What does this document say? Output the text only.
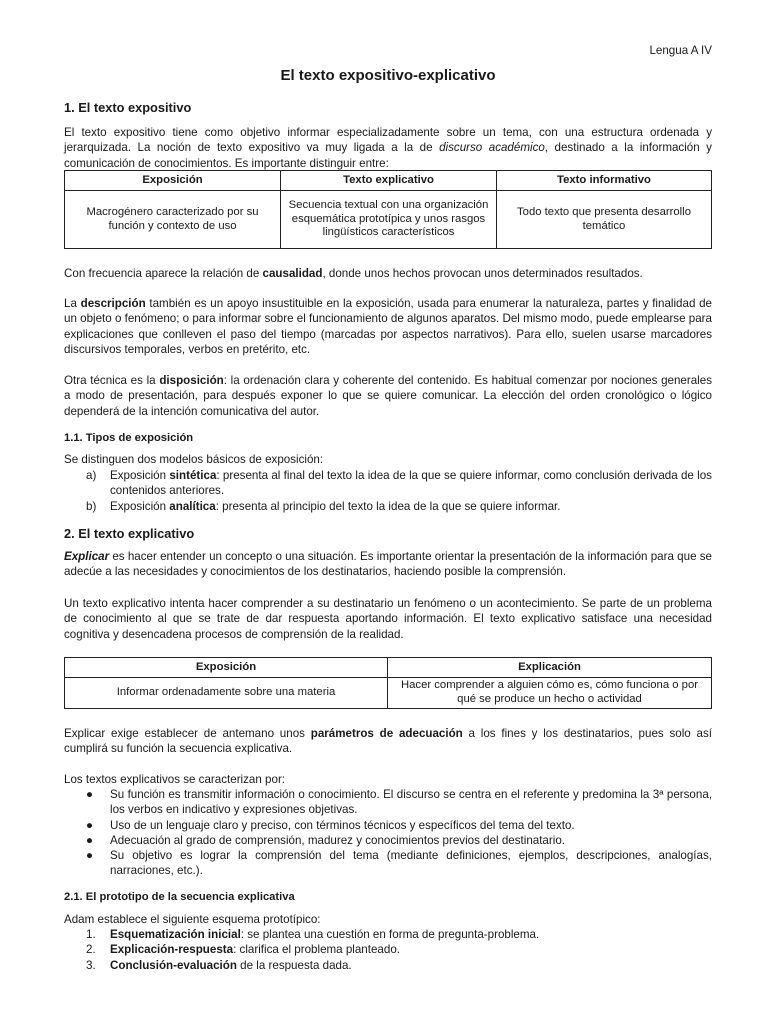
Lengua A IV
El texto expositivo-explicativo
1. El texto expositivo

El texto expositivo tiene como objetivo informar especializadamente sobre un tema, con una estructura ordenada y jerarquizada. La noción de texto expositivo va muy ligada a la de discurso académico, destinado a la información y comunicación de conocimientos. Es importante distinguir entre:

Exposición	Texto explicativo	Texto informativo
Macrogénero caracterizado por su función y contexto de uso	Secuencia textual con una organización esquemática prototípica y unos rasgos lingüísticos característicos	Todo texto que presenta desarrollo temático

Con frecuencia aparece la relación de causalidad, donde unos hechos provocan unos determinados resultados.

La descripción también es un apoyo insustituible en la exposición, usada para enumerar la naturaleza, partes y finalidad de un objeto o fenómeno; o para informar sobre el funcionamiento de algunos aparatos. Del mismo modo, puede emplearse para explicaciones que conlleven el paso del tiempo (marcadas por aspectos narrativos). Para ello, suelen usarse marcadores discursivos temporales, verbos en pretérito, etc.

Otra técnica es la disposición: la ordenación clara y coherente del contenido. Es habitual comenzar por nociones generales a modo de presentación, para después exponer lo que se quiere comunicar. La elección del orden cronológico o lógico dependerá de la intención comunicativa del autor.

1.1. Tipos de exposición

Se distinguen dos modelos básicos de exposición:

a) Exposición sintética: presenta al final del texto la idea de la que se quiere informar, como conclusión derivada de los contenidos anteriores.
b) Exposición analítica: presenta al principio del texto la idea de la que se quiere informar.
2. El texto explicativo

Explicar es hacer entender un concepto o una situación. Es importante orientar la presentación de la información para que se adecúe a las necesidades y conocimientos de los destinatarios, haciendo posible la comprensión.

Un texto explicativo intenta hacer comprender a su destinatario un fenómeno o un acontecimiento. Se parte de un problema de conocimiento al que se trate de dar respuesta aportando información. El texto explicativo satisface una necesidad cognitiva y desencadena procesos de comprensión de la realidad.

Exposición	Explicación
Informar ordenadamente sobre una materia	Hacer comprender a alguien cómo es, cómo funciona o por qué se produce un hecho o actividad

Explicar exige establecer de antemano unos parámetros de adecuación a los fines y los destinatarios, pues solo así cumplirá su función la secuencia explicativa.

Los textos explicativos se caracterizan por:

● Su función es transmitir información o conocimiento. El discurso se centra en el referente y predomina la 3ª persona, los verbos en indicativo y expresiones objetivas.
● Uso de un lenguaje claro y preciso, con términos técnicos y específicos del tema del texto.
● Adecuación al grado de comprensión, madurez y conocimientos previos del destinatario.
● Su objetivo es lograr la comprensión del tema (mediante definiciones, ejemplos, descripciones, analogías, narraciones, etc.).
2.1. El prototipo de la secuencia explicativa

Adam establece el siguiente esquema prototípico:

1. Esquematización inicial: se plantea una cuestión en forma de pregunta-problema.
2. Explicación-respuesta: clarifica el problema planteado.
3. Conclusión-evaluación de la respuesta dada.
